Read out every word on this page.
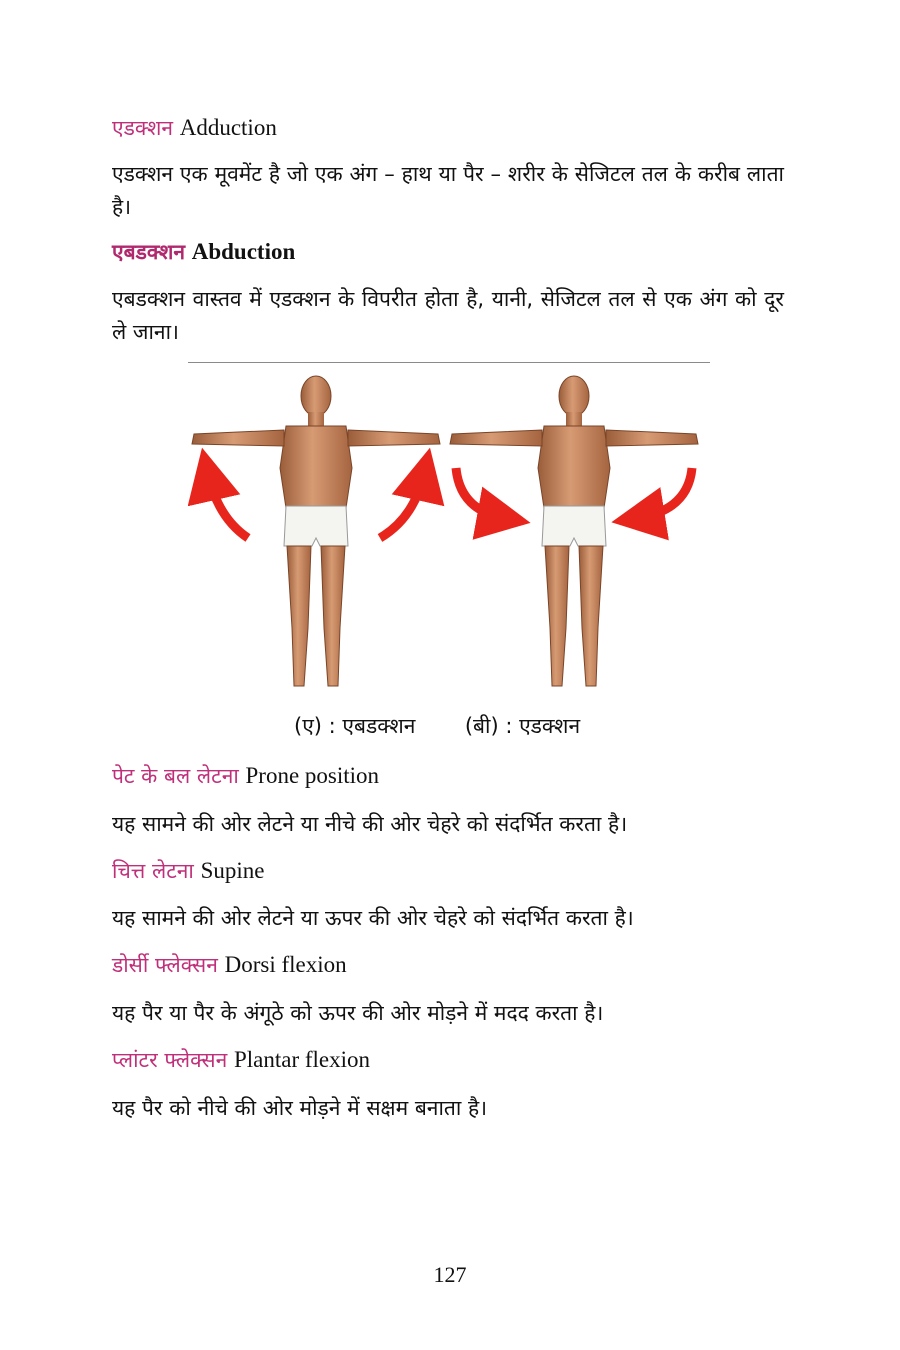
एडक्शन Adduction
एडक्शन एक मूवमेंट है जो एक अंग – हाथ या पैर – शरीर के सेजिटल तल के करीब लाता है।
एबडक्शन Abduction
एबडक्शन वास्तव में एडक्शन के विपरीत होता है, यानी, सेजिटल तल से एक अंग को दूर ले जाना।
(ए) : एबडक्शन (बी) : एडक्शन
पेट के बल लेटना Prone position
यह सामने की ओर लेटने या नीचे की ओर चेहरे को संदर्भित करता है।
चित्त लेटना Supine
यह सामने की ओर लेटने या ऊपर की ओर चेहरे को संदर्भित करता है।
डोर्सी फ्लेक्सन Dorsi flexion
यह पैर या पैर के अंगूठे को ऊपर की ओर मोड़ने में मदद करता है।
प्लांटर फ्लेक्सन Plantar flexion
यह पैर को नीचे की ओर मोड़ने में सक्षम बनाता है।
127
